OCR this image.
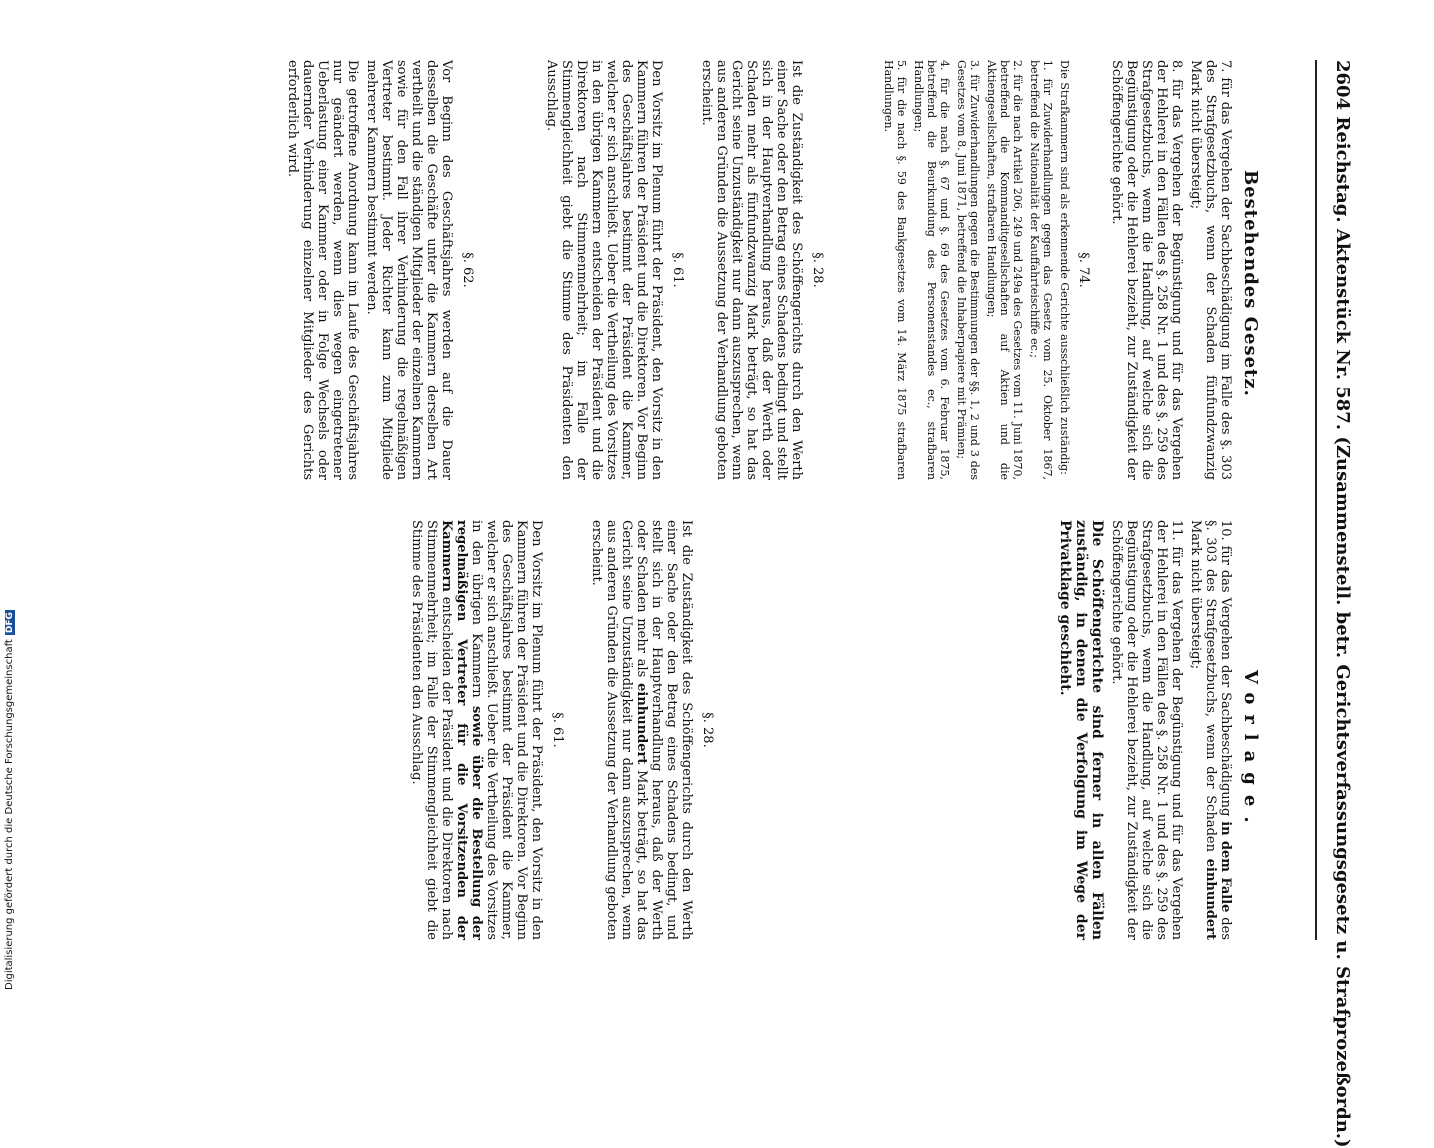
2604 Reichstag. Aktenstück Nr. 587. (Zusammenstell. betr. Gerichtsverfassungsgesetz u. Strafprozeßordn.)
Bestehendes Gesetz.

7. für das Vergehen der Sachbeschädigung im Falle des §. 303 des Strafgesetzbuchs, wenn der Schaden fünfundzwanzig Mark nicht übersteigt;

8. für das Vergehen der Begünstigung und für das Vergehen der Hehlerei in den Fällen des §. 258 Nr. 1 und des §. 259 des Strafgesetzbuchs, wenn die Handlung, auf welche sich die Begünstigung oder die Hehlerei bezieht, zur Zuständigkeit der Schöffengerichte gehört.

§. 74.

Die Strafkammern sind als erkennende Gerichte ausschließlich zuständig:

1. für Zuwiderhandlungen gegen das Gesetz vom 25. Oktober 1867, betreffend die Nationalität der Kauffahrteischiffe ec.;

2. für die nach Artikel 206, 249 und 249a des Gesetzes vom 11. Juni 1870, betreffend die Kommanditgesellschaften auf Aktien und die Aktiengesellschaften, strafbaren Handlungen;

3. für Zuwiderhandlungen gegen die Bestimmungen der §§. 1, 2 und 3 des Gesetzes vom 8. Juni 1871, betreffend die Inhaberpapiere mit Prämien;

4. für die nach §. 67 und §. 69 des Gesetzes vom 6. Februar 1875, betreffend die Beurkundung des Personenstandes ec., strafbaren Handlungen;

5. für die nach §. 59 des Bankgesetzes vom 14. März 1875 strafbaren Handlungen.

§. 28.

Ist die Zuständigkeit des Schöffengerichts durch den Werth einer Sache oder den Betrag eines Schadens bedingt und stellt sich in der Hauptverhandlung heraus, daß der Werth oder Schaden mehr als fünfundzwanzig Mark beträgt, so hat das Gericht seine Unzuständigkeit nur dann auszusprechen, wenn aus anderen Gründen die Aussetzung der Verhandlung geboten erscheint.

§. 61.

Den Vorsitz im Plenum führt der Präsident, den Vorsitz in den Kammern führen der Präsident und die Direktoren. Vor Beginn des Geschäftsjahres bestimmt der Präsident die Kammer, welcher er sich anschließt. Ueber die Vertheilung des Vorsitzes in den übrigen Kammern entscheiden der Präsident und die Direktoren nach Stimmenmehrheit; im Falle der Stimmengleichheit giebt die Stimme des Präsidenten den Ausschlag.

§. 62.

Vor Beginn des Geschäftsjahres werden auf die Dauer desselben die Geschäfte unter die Kammern derselben Art vertheilt und die ständigen Mitglieder der einzelnen Kammern sowie für den Fall ihrer Verhinderung die regelmäßigen Vertreter bestimmt. Jeder Richter kann zum Mitgliede mehrerer Kammern bestimmt werden.

Die getroffene Anordnung kann im Laufe des Geschäftsjahres nur geändert werden, wenn dies wegen eingetretener Ueberlastung einer Kammer oder in Folge Wechsels oder dauernder Verhinderung einzelner Mitglieder des Gerichts erforderlich wird.

Vorlage.

10. für das Vergehen der Sachbeschädigung in dem Falle des §. 303 des Strafgesetzbuchs, wenn der Schaden einhundert Mark nicht übersteigt;

11. für das Vergehen der Begünstigung und für das Vergehen der Hehlerei in den Fällen des §. 258 Nr. 1 und des §. 259 des Strafgesetzbuchs, wenn die Handlung, auf welche sich die Begünstigung oder die Hehlerei bezieht, zur Zuständigkeit der Schöffengerichte gehört.

Die Schöffengerichte sind ferner in allen Fällen zuständig, in denen die Verfolgung im Wege der Privatklage geschieht.

§. 28.

Ist die Zuständigkeit des Schöffengerichts durch den Werth einer Sache oder den Betrag eines Schadens bedingt, und stellt sich in der Hauptverhandlung heraus, daß der Werth oder Schaden mehr als einhundert Mark beträgt, so hat das Gericht seine Unzuständigkeit nur dann auszusprechen, wenn aus anderen Gründen die Aussetzung der Verhandlung geboten erscheint.

§. 61.

Den Vorsitz im Plenum führt der Präsident, den Vorsitz in den Kammern führen der Präsident und die Direktoren. Vor Beginn des Geschäftsjahres bestimmt der Präsident die Kammer, welcher er sich anschließt. Ueber die Vertheilung des Vorsitzes in den übrigen Kammern sowie über die Bestellung der regelmäßigen Vertreter für die Vorsitzenden der Kammern entscheiden der Präsident und die Direktoren nach Stimmenmehrheit; im Falle der Stimmengleichheit giebt die Stimme des Präsidenten den Ausschlag.

Digitalisierung gefördert durch die Deutsche ForschungsgemeinschaftDFG
